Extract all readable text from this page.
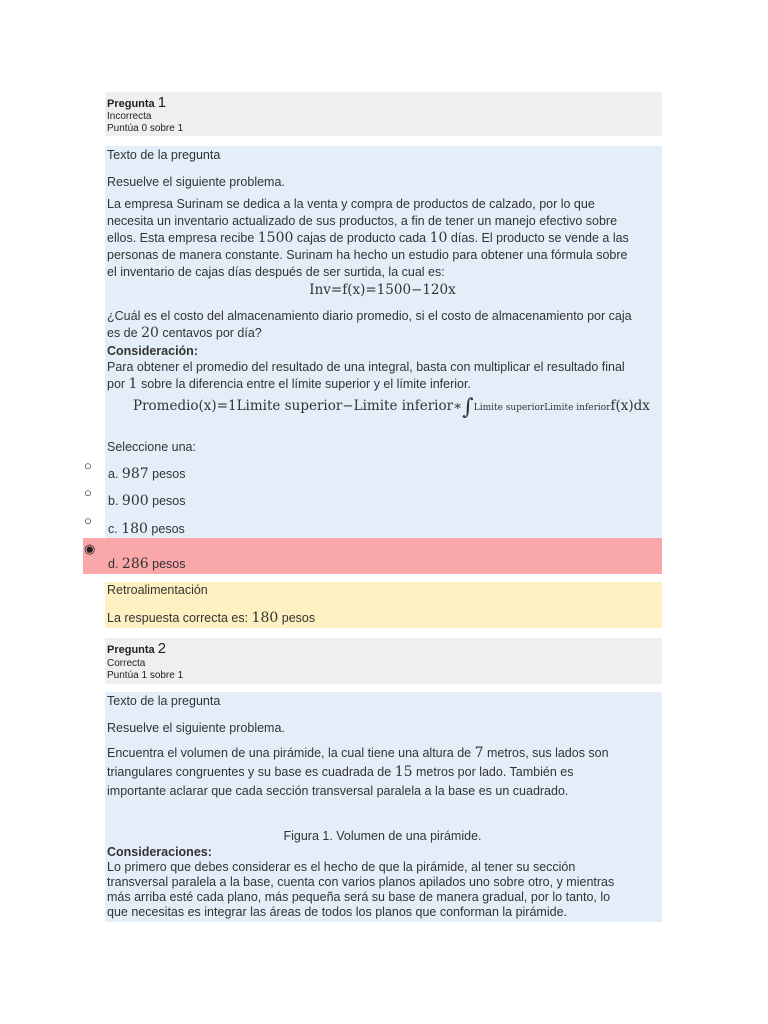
Pregunta 1
Incorrecta
Puntúa 0 sobre 1

Texto de la pregunta

Resuelve el siguiente problema.

La empresa Surinam se dedica a la venta y compra de productos de calzado, por lo que
necesita un inventario actualizado de sus productos, a fin de tener un manejo efectivo sobre
ellos. Esta empresa recibe 1500 cajas de producto cada 10 días. El producto se vende a las
personas de manera constante. Surinam ha hecho un estudio para obtener una fórmula sobre
el inventario de cajas días después de ser surtida, la cual es:
Inv=f(x)=1500−120x
¿Cuál es el costo del almacenamiento diario promedio, si el costo de almacenamiento por caja
es de 20 centavos por día?
Consideración:
Para obtener el promedio del resultado de una integral, basta con multiplicar el resultado final
por 1 sobre la diferencia entre el límite superior y el límite inferior.
Promedio(x)=1Limite superior−Limite inferior∗∫Limite superiorLimite inferiorf(x)dx

Seleccione una:

○
a. 987 pesos
○
b. 900 pesos
○
c. 180 pesos
◉
d. 286 pesos
Retroalimentación
La respuesta correcta es: 180 pesos
Pregunta 2
Correcta
Puntúa 1 sobre 1

Texto de la pregunta

Resuelve el siguiente problema.

Encuentra el volumen de una pirámide, la cual tiene una altura de 7 metros, sus lados son
triangulares congruentes y su base es cuadrada de 15 metros por lado. También es
importante aclarar que cada sección transversal paralela a la base es un cuadrado.
Figura 1. Volumen de una pirámide.
Consideraciones:
Lo primero que debes considerar es el hecho de que la pirámide, al tener su sección
transversal paralela a la base, cuenta con varios planos apilados uno sobre otro, y mientras
más arriba esté cada plano, más pequeña será su base de manera gradual, por lo tanto, lo
que necesitas es integrar las áreas de todos los planos que conforman la pirámide.
